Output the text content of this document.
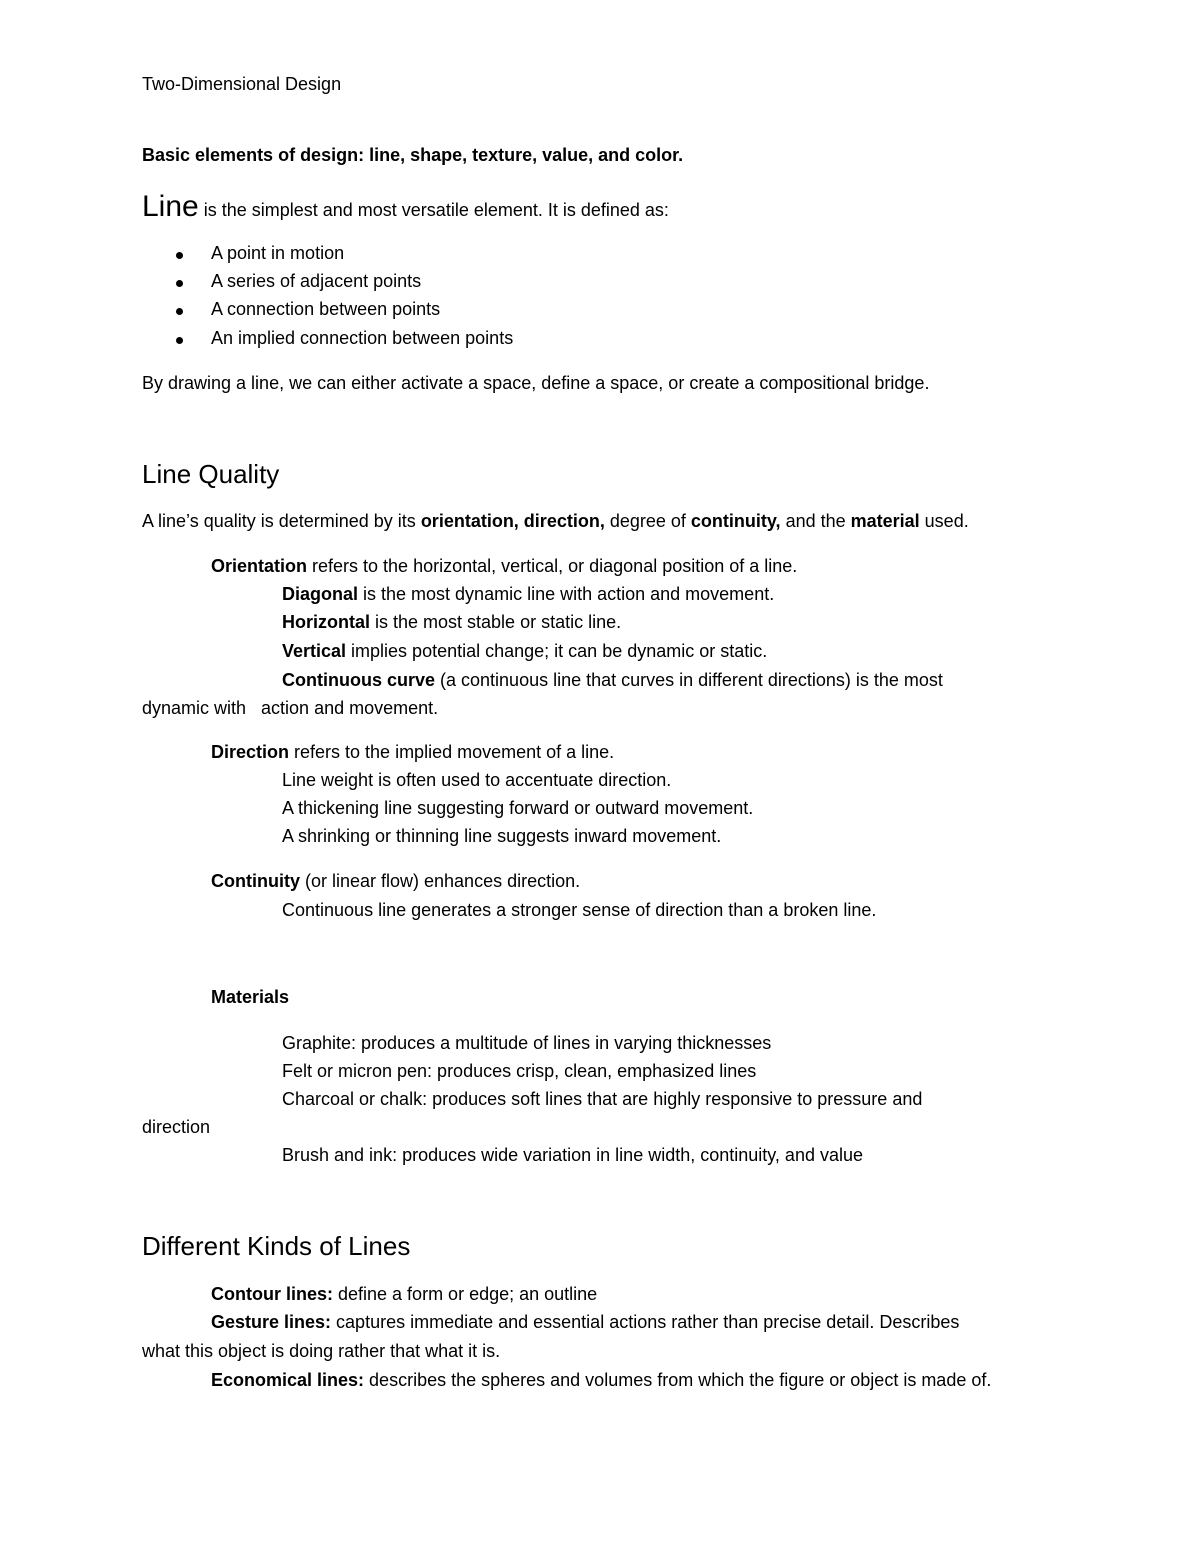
Two-Dimensional Design
Basic elements of design: line, shape, texture, value, and color.
Line is the simplest and most versatile element. It is defined as:
A point in motion
A series of adjacent points
A connection between points
An implied connection between points
By drawing a line, we can either activate a space, define a space, or create a compositional bridge.
Line Quality
A line’s quality is determined by its orientation, direction, degree of continuity, and the material used.
Orientation refers to the horizontal, vertical, or diagonal position of a line.
Diagonal is the most dynamic line with action and movement.
Horizontal is the most stable or static line.
Vertical implies potential change; it can be dynamic or static.
Continuous curve (a continuous line that curves in different directions) is the most
dynamic with   action and movement.
Direction refers to the implied movement of a line.
Line weight is often used to accentuate direction.
A thickening line suggesting forward or outward movement.
A shrinking or thinning line suggests inward movement.
Continuity (or linear flow) enhances direction.
Continuous line generates a stronger sense of direction than a broken line.
Materials
Graphite: produces a multitude of lines in varying thicknesses
Felt or micron pen: produces crisp, clean, emphasized lines
Charcoal or chalk: produces soft lines that are highly responsive to pressure and
direction
Brush and ink: produces wide variation in line width, continuity, and value
Different Kinds of Lines
Contour lines: define a form or edge; an outline
Gesture lines: captures immediate and essential actions rather than precise detail. Describes
what this object is doing rather that what it is.
Economical lines: describes the spheres and volumes from which the figure or object is made of.
